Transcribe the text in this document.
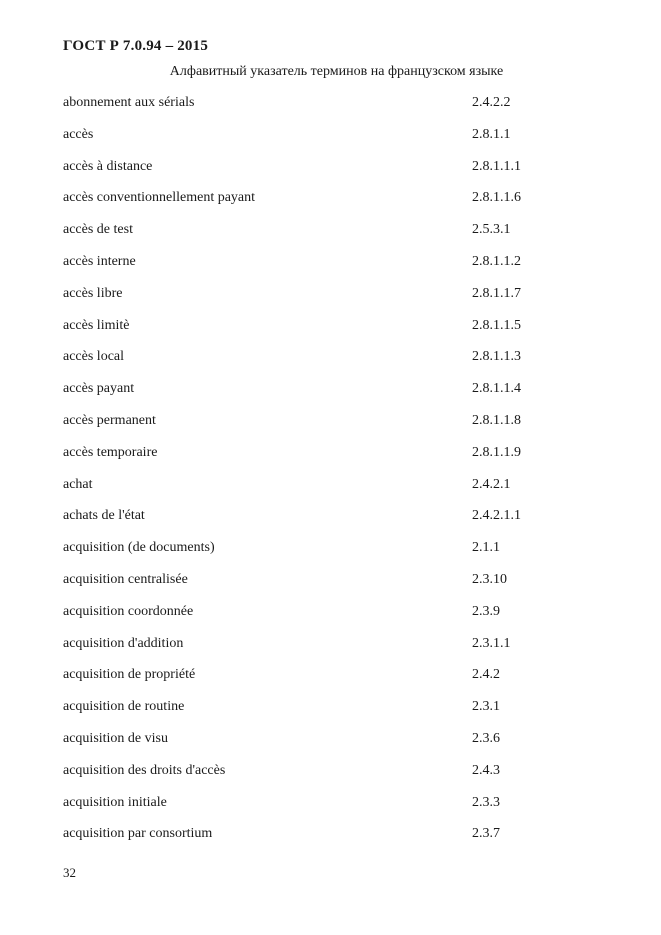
ГОСТ Р 7.0.94 – 2015
Алфавитный указатель терминов на французском языке
abonnement aux sérials	2.4.2.2
accès	2.8.1.1
accès à distance	2.8.1.1.1
accès conventionnellement payant	2.8.1.1.6
accès de test	2.5.3.1
accès interne	2.8.1.1.2
accès libre	2.8.1.1.7
accès limitè	2.8.1.1.5
accès local	2.8.1.1.3
accès payant	2.8.1.1.4
accès permanent	2.8.1.1.8
accès temporaire	2.8.1.1.9
achat	2.4.2.1
achats de l'état	2.4.2.1.1
acquisition (de documents)	2.1.1
acquisition centralisée	2.3.10
acquisition coordonnée	2.3.9
acquisition d'addition	2.3.1.1
acquisition de propriété	2.4.2
acquisition de routine	2.3.1
acquisition de visu	2.3.6
acquisition des droits d'accès	2.4.3
acquisition initiale	2.3.3
acquisition par consortium	2.3.7
32
